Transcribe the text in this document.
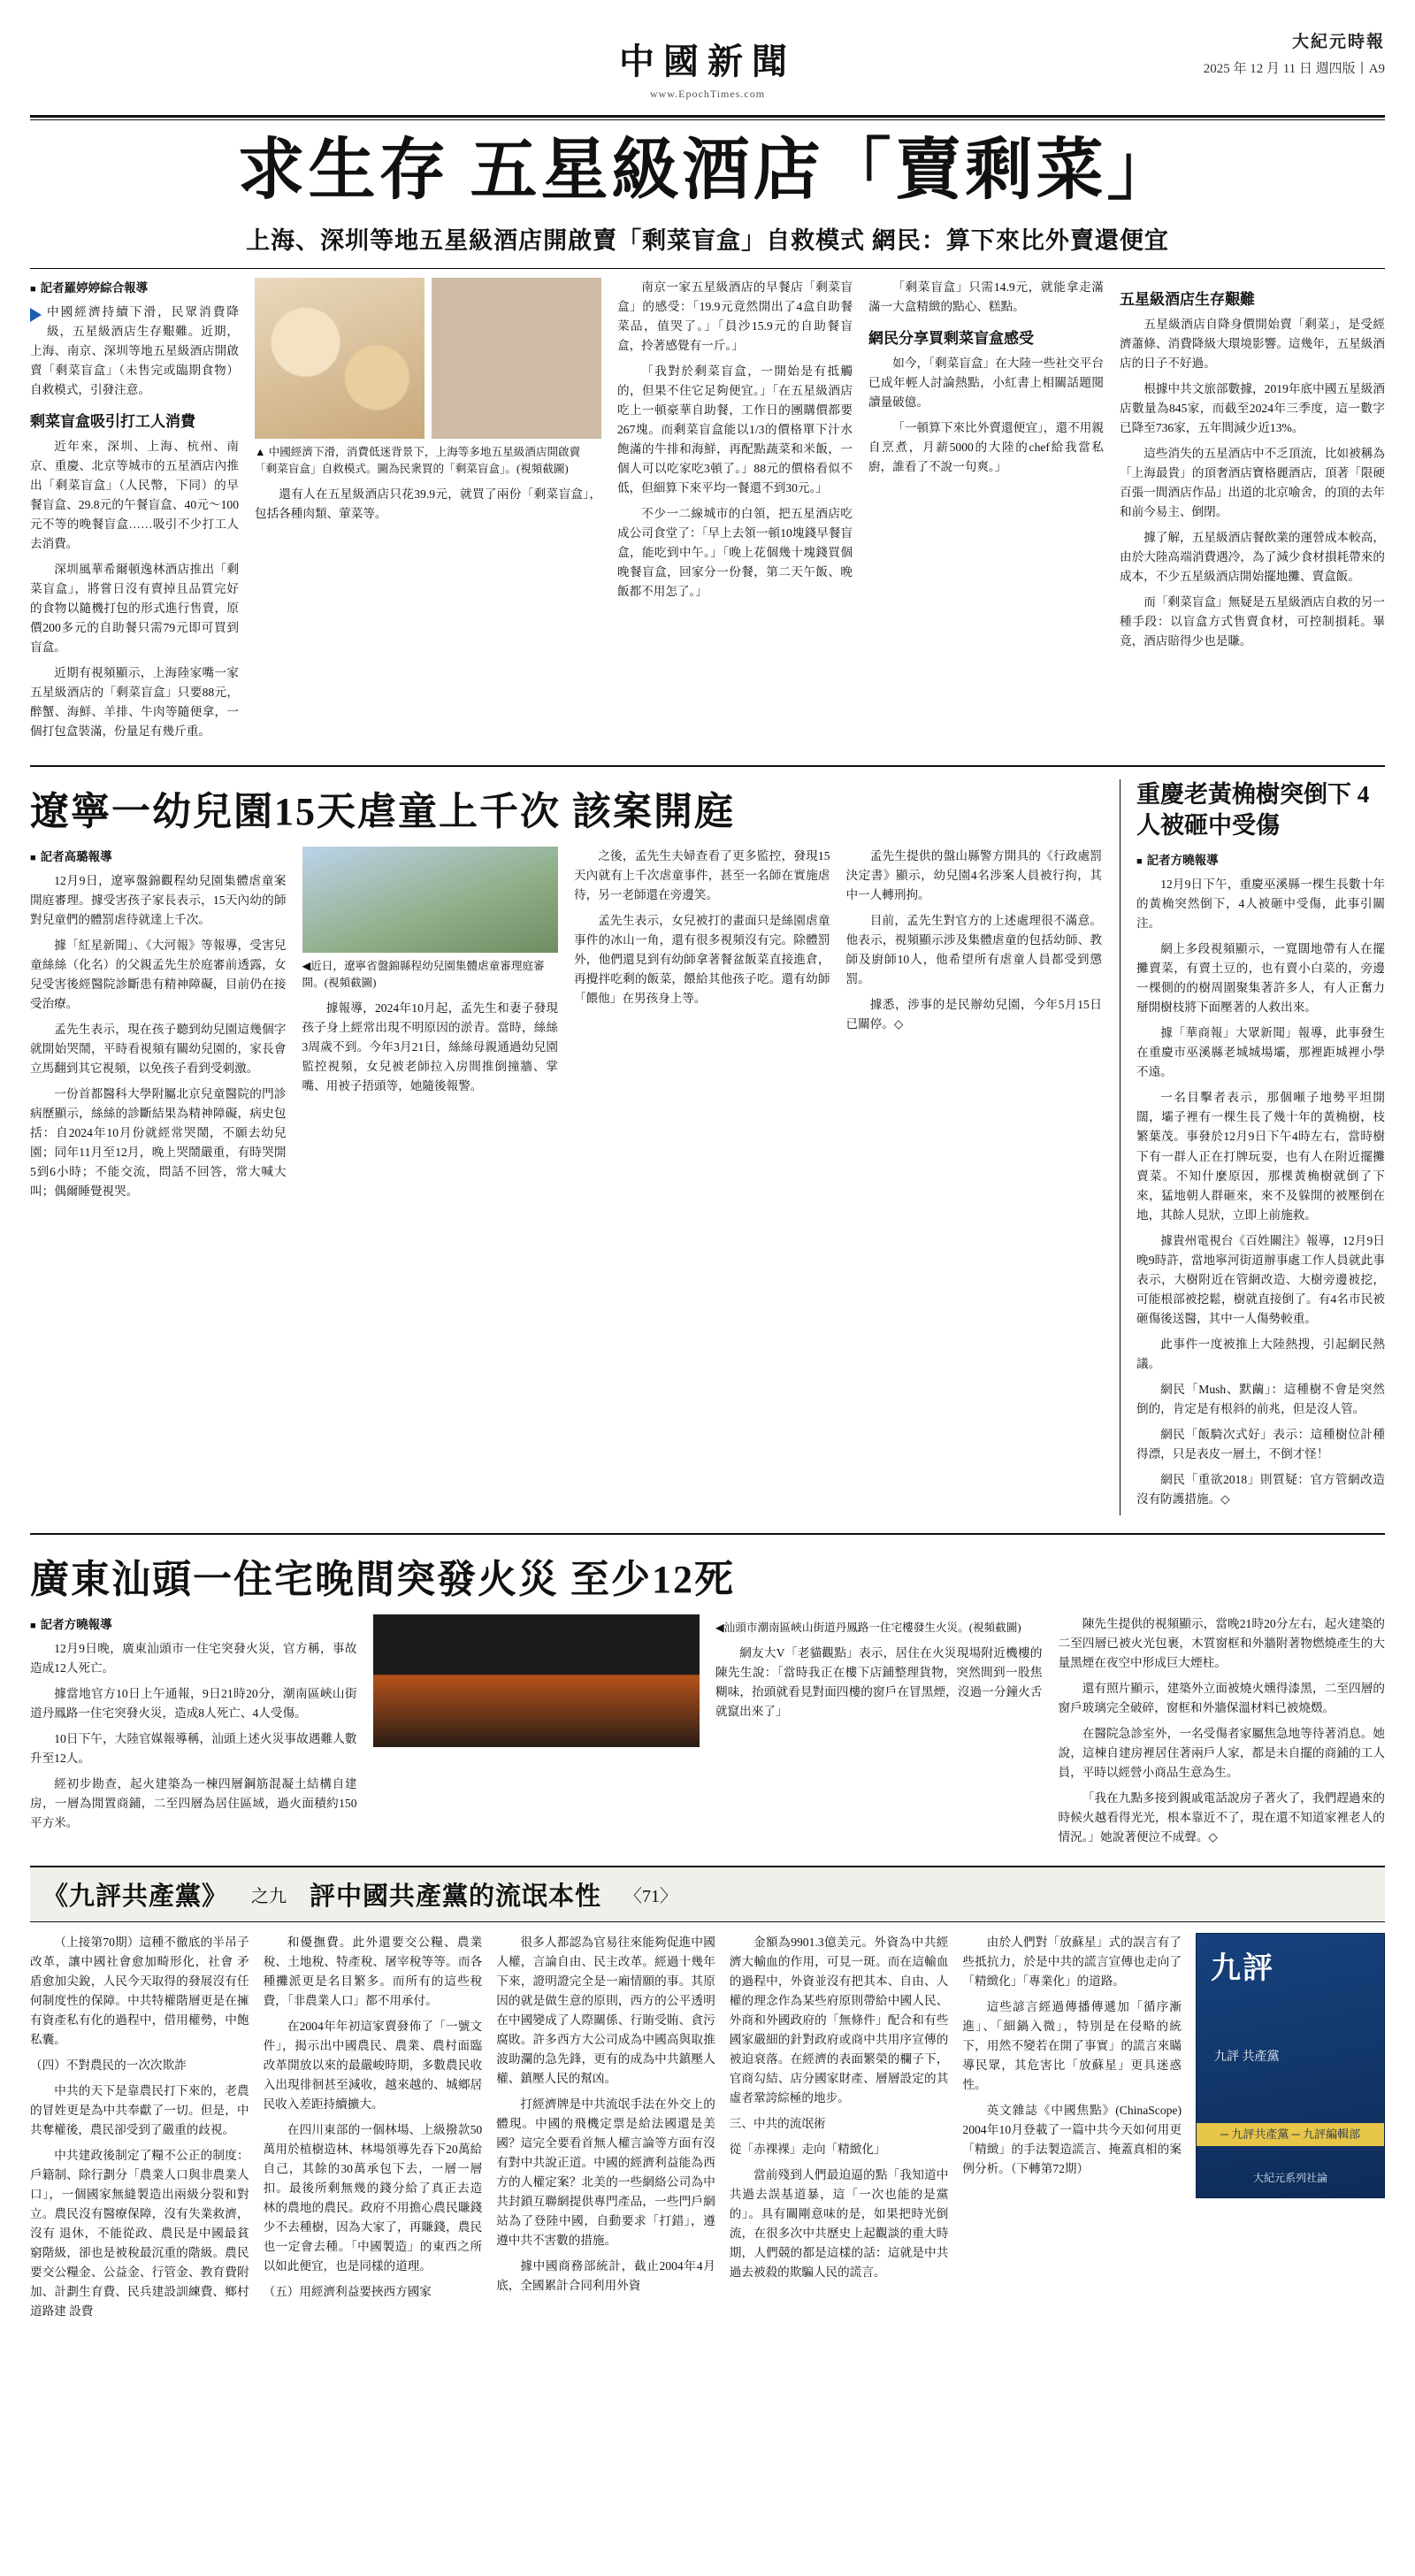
大紀元時報
2025 年 12 月 11 日 週四版丨A9
中國新聞
www.EpochTimes.com
求生存 五星級酒店「賣剩菜」
上海、深圳等地五星級酒店開啟賣「剩菜盲盒」自救模式 網民：算下來比外賣還便宜
■ 記者羅婷婷綜合報導
中國經濟持續下滑，民眾消費降級，五星級酒店生存艱難。近期，上海、南京、深圳等地五星級酒店開啟賣「剩菜盲盒」（未售完或臨期食物）自救模式，引發注意。
剩菜盲盒吸引打工人消費

近年來，深圳、上海、杭州、南京、重慶、北京等城市的五星酒店內推出「剩菜盲盒」（人民幣，下同）的早餐盲盒、29.8元的午餐盲盒、40元～100元不等的晚餐盲盒……吸引不少打工人去消費。

深圳風華希爾頓逸林酒店推出「剩菜盲盒」，將嘗日沒有賣掉且品質完好的食物以隨機打包的形式進行售賣，原價200多元的自助餐只需79元即可買到盲盒。

近期有視頻顯示，上海陸家嘴一家五星級酒店的「剩菜盲盒」只要88元，醉蟹、海鮮、羊排、牛肉等隨便拿，一個打包盒裝滿，份量足有幾斤重。

▲ 中國經濟下滑，消費低迷背景下，上海等多地五星級酒店開啟賣「剩菜盲盒」自救模式。圖為民衆買的「剩菜盲盒」。(視頻截圖)

還有人在五星級酒店只花39.9元，就買了兩份「剩菜盲盒」，包括各種肉類、葷菜等。

南京一家五星級酒店的早餐店「剩菜盲盒」的感受：「19.9元竟然開出了4盒自助餐菜品，值哭了。」「員沙15.9元的自助餐盲盒，拎著感覺有一斤。」

「我對於剩菜盲盒，一開始是有抵觸的，但果不住它足夠便宜。」「在五星級酒店吃上一頓豪華自助餐，工作日的團購價都要267塊。而剩菜盲盒能以1/3的價格單下汁水飽滿的牛排和海鮮，再配點蔬菜和米飯，一個人可以吃家吃3頓了。」88元的價格看似不低，但細算下來平均一餐還不到30元。」

不少一二線城市的白領，把五星酒店吃成公司食堂了：「早上去領一頓10塊錢早餐盲盒，能吃到中午。」「晚上花個幾十塊錢買個晚餐盲盒，回家分一份餐，第二天午飯、晚飯都不用怎了。」

「剩菜盲盒」只需14.9元，就能拿走滿滿一大盒精緻的點心、糕點。

網民分享買剩菜盲盒感受

如今，「剩菜盲盒」在大陸一些社交平台已成年輕人討論熱點，小紅書上相關話題閱讀量破億。

「一頓算下來比外賣還便宜」，還不用親自烹煮，月薪5000的大陸的chef給我當私廚，誰看了不說一句爽。」

五星級酒店生存艱難

五星級酒店自降身價開始賣「剩菜」，是受經濟蕭條、消費降級大環境影響。這幾年，五星級酒店的日子不好過。

根據中共文旅部數據，2019年底中國五星級酒店數量為845家，而截至2024年三季度，這一數字已降至736家，五年間減少近13%。

這些消失的五星酒店中不乏頂流，比如被稱為「上海最貴」的頂奢酒店寶格麗酒店，頂著「限硬百張一間酒店作品」出道的北京喻舍，的頂的去年和前今易主、倒閉。

據了解，五星級酒店餐飲業的運營成本較高，由於大陸高端消費遇冷，為了減少食材損耗帶來的成本，不少五星級酒店開始擺地攤、賣盒飯。

而「剩菜盲盒」無疑是五星級酒店自救的另一種手段：以盲盒方式售賣食材，可控制損耗。畢竟，酒店賠得少也是賺。

遼寧一幼兒園15天虐童上千次 該案開庭
■ 記者高璐報導

12月9日，遼寧盤錦觀程幼兒園集體虐童案開庭審理。據受害孩子家長表示，15天內幼的師對兒童們的體罰虐待就達上千次。

據「紅星新聞」、《大河報》等報導，受害兒童絲絲（化名）的父親孟先生於庭審前透露，女兒受害後經醫院診斷患有精神障礙，目前仍在接受治療。

孟先生表示，現在孩子聽到幼兒園這幾個字就開始哭鬧，平時看視頻有關幼兒園的，家長會立馬翻到其它視頻，以免孩子看到受刺激。

一份首都醫科大學附屬北京兒童醫院的門診病歷顯示，絲絲的診斷結果為精神障礙，病史包括：自2024年10月份就經常哭鬧，不願去幼兒園；同年11月至12月，晚上哭鬧嚴重，有時哭開5到6小時；不能交流，問話不回答，常大喊大叫；偶爾睡覺視哭。

◀近日，遼寧省盤錦縣程幼兒園集體虐童審理庭審開。(視頻截圖)

據報導，2024年10月起，孟先生和妻子發現孩子身上經常出現不明原因的淤青。當時，絲絲3周歲不到。今年3月21日，絲絲母親通過幼兒園監控視頻，女兒被老師拉入房間推倒撞牆、掌嘴、用被子捂頭等，她隨後報警。

之後，孟先生夫婦查看了更多監控，發現15天內就有上千次虐童事件，甚至一名師在實施虐待，另一老師還在旁邊笑。

孟先生表示，女兒被打的畫面只是絲園虐童事件的冰山一角，還有很多視頻沒有完。除體罰外，他們還見到有幼師拿著餐盆飯菜直接進倉，再攪拌吃剩的飯菜，餵給其他孩子吃。還有幼師「餵他」在男孩身上等。

孟先生提供的盤山縣警方開具的《行政處罰決定書》顯示，幼兒園4名涉案人員被行拘，其中一人轉刑拘。

目前，孟先生對官方的上述處理很不滿意。他表示，視頻顯示涉及集體虐童的包括幼師、教師及廚師10人，他希望所有虐童人員都受到懲罰。

據悉，涉事的是民辦幼兒園，今年5月15日已關停。◇

重慶老黃桷樹突倒下 4人被砸中受傷
■ 記者方曉報導

12月9日下午，重慶巫溪縣一棵生長數十年的黃桷突然倒下，4人被砸中受傷，此事引關注。

網上多段視頻顯示，一寬闊地帶有人在擺攤賣菜，有賣土豆的，也有賣小白菜的，旁邊一棵側的的樹周圍聚集著許多人，有人正奮力掰開樹枝將下面壓著的人救出來。

據「華商報」大眾新聞」報導，此事發生在重慶市巫溪縣老城城場壩，那裡距城裡小學不遠。

一名目擊者表示，那個噸子地勢平坦開闊，壩子裡有一棵生長了幾十年的黃桷樹，枝繁葉茂。事發於12月9日下午4時左右，當時樹下有一群人正在打牌玩耍，也有人在附近擺攤賣菜。不知什麼原因，那棵黃桷樹就倒了下來，猛地朝人群砸來，來不及躲開的被壓倒在地，其餘人見狀，立即上前施救。

據貴州電視台《百姓關注》報導，12月9日晚9時許，當地寧河街道辦事處工作人員就此事表示，大樹附近在管網改造、大樹旁邊被挖，可能根部被挖鬆，樹就直接倒了。有4名市民被砸傷後送醫，其中一人傷勢較重。

此事件一度被推上大陸熱搜，引起網民熱議。

網民「Mush、默繭」：這種樹不會是突然倒的，肯定是有根斜的前兆，但是沒人管。

網民「飯騎次式好」表示：這種樹位計種得漂，只是表皮一層土，不倒才怪！

網民「重欲2018」則質疑：官方管網改造沒有防護措施。◇

廣東汕頭一住宅晚間突發火災 至少12死
■ 記者方曉報導

12月9日晚，廣東汕頭市一住宅突發火災，官方稱，事故造成12人死亡。

據當地官方10日上午通報，9日21時20分，潮南區峽山街道丹鳳路一住宅突發火災，造成8人死亡、4人受傷。

10日下午，大陸官媒報導稱，汕頭上述火災事故遇難人數升至12人。

經初步勘查，起火建築為一棟四層鋼筋混凝土結構自建房，一層為閒置商鋪，二至四層為居住區域，過火面積約150平方米。

◀汕頭市潮南區峽山街道丹鳳路一住宅樓發生火災。(視頻截圖)

網友大V「老貓觀點」表示，居住在火災現場附近機樓的陳先生說：「當時我正在樓下店鋪整理貨物，突然間到一股焦糊味，抬頭就看見對面四樓的窗戶在冒黑煙，沒過一分鐘火舌就竄出來了」

陳先生提供的視頻顯示，當晚21時20分左右，起火建築的二至四層已被火光包裹，木質窗框和外牆附著物燃燒產生的大量黑煙在夜空中形成巨大煙柱。

還有照片顯示，建築外立面被燒火燻得漆黑，二至四層的窗戶玻璃完全破碎，窗框和外牆保溫材料已被燒燬。

在醫院急診室外，一名受傷者家屬焦急地等待著消息。她說，這棟自建房裡居住著兩戶人家，都是未自擺的商鋪的工人員，平時以經營小商品生意為生。

「我在九點多接到親戚電話說房子著火了，我們趕過來的時候火越看得光光，根本靠近不了，現在還不知道家裡老人的情況。」她說著便泣不成聲。◇

《九評共產黨》 之九 評中國共產黨的流氓本性 〈71〉

（上接第70期）這種不徹底的半吊子改革，讓中國社會愈加畸形化，社會 矛盾愈加尖銳，人民今天取得的發展沒有任何制度性的保障。中共特權階層更是在擁有資產私有化的過程中，借用權勢，中飽私囊。

（四）不對農民的一次次欺詐

中共的天下是靠農民打下來的，老農的冒姓更是為中共奉獻了一切。但是，中共奪權後，農民卻受到了嚴重的歧視。

中共建政後制定了糧不公正的制度：戶籍制、除行劃分「農業人口與非農業人口」，一個國家無縫製造出兩級分裂和對立。農民沒有醫療保障，沒有失業救濟，沒有 退休，不能從政、農民是中國最貧窮階級，卻也是被稅最沉重的階級。農民要交公糧金、公益金、行管金、教育費附加、計劃生育費、民兵建設訓練費、鄉村道路建 設費

和優撫費。此外還要交公糧、農業稅、土地稅、特產稅、屠宰稅等等。而各種攤派更是名目繁多。而所有的這些稅費，「非農業人口」都不用承付。

在2004年年初這家賣發佈了「一號文件」，揭示出中國農民、農業、農村面臨改革開放以來的最嚴峻時期，多數農民收入出現徘徊甚至減收，越來越的、城鄉居民收入差距持續擴大。

在四川東部的一個林場、上級撥款50萬用於植樹造林、林場領導先吞下20萬給自己，其餘的30萬承包下去，一層一層扣。最後所剩無幾的錢分給了真正去造 林的農地的農民。政府不用擔心農民賺錢少不去種樹，因為大家了，再賺錢，農民也一定會去種。「中國製造」的東西之所以如此便宜，也是同樣的道理。

（五）用經濟利益要挾西方國家

很多人都認為官易往來能夠促進中國人權，言論自由、民主改革。經過十幾年下來，證明證完全是一廂情願的事。其原因的就是做生意的原則，西方的公平透明在中國變成了人際關係、行賄受賄、貪污腐敗。許多西方大公司成為中國高與取推波助瀾的急先鋒，更有的成為中共鎮壓人權、鎮壓人民的幫凶。

打經濟牌是中共流氓手法在外交上的體現。中國的飛機定票是給法國還是美國？這完全要看首無人權言論等方面有沒有對中共說正道。中國的經濟利益能為西方的人權定案？北美的一些網絡公司為中共封鎖互聯網提供專門產品，一些門戶網站為了登陸中國，自動要求「打錯」，遵遵中共不害數的措施。

據中國商務部統計，截止2004年4月底，全國累計合同利用外資

金額為9901.3億美元。外資為中共經濟大輸血的作用，可見一斑。而在這輸血的過程中，外資並沒有把其本、自由、人權的理念作為某些府原則帶給中國人民、外商和外國政府的「無條件」配合和有些國家嚴細的針對政府或商中共用序宣傳的被迫衰落。在經濟的表面繁榮的欄子下，官商勾結、店分國家財產、層層設定的其虛者鞏誇綜極的地步。

三、中共的流氓術

從「赤裸裸」走向「精緻化」

當前殘到人們最迫逼的點「我知道中共過去誤基道暴，這「一次也能的是黨的」。具有關剛意味的是，如果把時光倒流，在很多次中共歷史上起觀談的重大時期，人們競的都是這樣的話：這就是中共過去被殺的欺騙人民的謊言。

由於人們對「放蘇星」式的誤言有了些抵抗力，於是中共的謊言宣傳也走向了「精緻化」「專業化」的道路。

這些諺言經過傳播傳遞加「循序漸進」、「細鍋入微」，特別是在侵略的統下，用然不變若在開了事實」的謊言來瞞導民眾，其危害比「放蘇星」更具迷惑性。

英文雜誌《中國焦點》(ChinaScope) 2004年10月登載了一篇中共今天如何用更「精緻」的手法製造謊言、掩蓋真相的案例分析。（下轉第72期）

九評
九評 共產黨
─ 九評共產黨 ─ 九評編輯部
大紀元系列社論
